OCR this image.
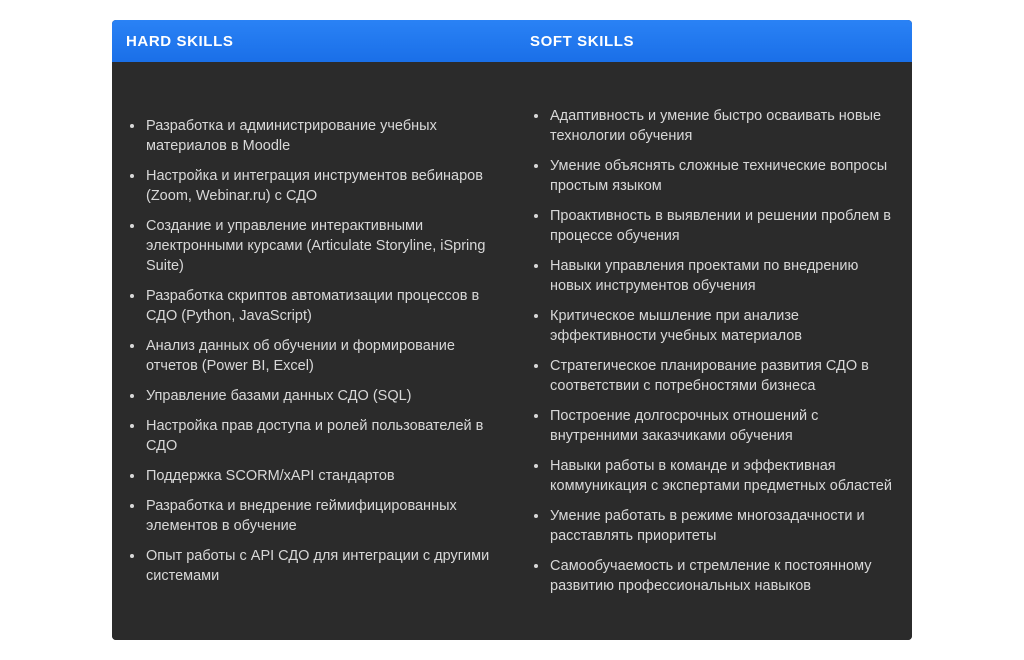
HARD SKILLS	SOFT SKILLS
Разработка и администрирование учебных материалов в Moodle
Настройка и интеграция инструментов вебинаров (Zoom, Webinar.ru) с СДО
Создание и управление интерактивными электронными курсами (Articulate Storyline, iSpring Suite)
Разработка скриптов автоматизации процессов в СДО (Python, JavaScript)
Анализ данных об обучении и формирование отчетов (Power BI, Excel)
Управление базами данных СДО (SQL)
Настройка прав доступа и ролей пользователей в СДО
Поддержка SCORM/xAPI стандартов
Разработка и внедрение геймифицированных элементов в обучение
Опыт работы с API СДО для интеграции с другими системами
Адаптивность и умение быстро осваивать новые технологии обучения
Умение объяснять сложные технические вопросы простым языком
Проактивность в выявлении и решении проблем в процессе обучения
Навыки управления проектами по внедрению новых инструментов обучения
Критическое мышление при анализе эффективности учебных материалов
Стратегическое планирование развития СДО в соответствии с потребностями бизнеса
Построение долгосрочных отношений с внутренними заказчиками обучения
Навыки работы в команде и эффективная коммуникация с экспертами предметных областей
Умение работать в режиме многозадачности и расставлять приоритеты
Самообучаемость и стремление к постоянному развитию профессиональных навыков
